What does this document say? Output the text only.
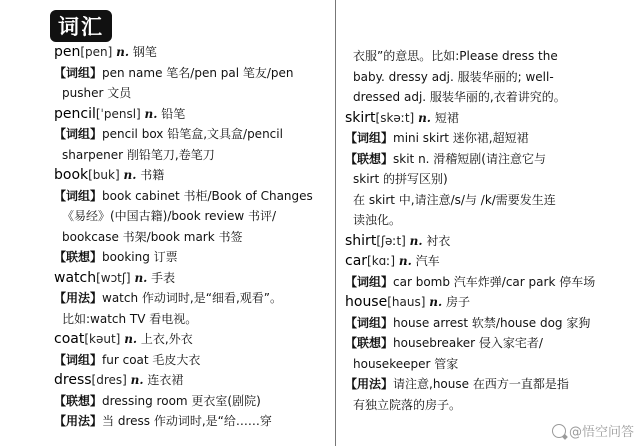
词汇
pen[pen] n. 钢笔
【词组】pen name 笔名/pen pal 笔友/pen
pusher 文员
pencil[ˈpensl] n. 铅笔
【词组】pencil box 铅笔盒,文具盒/pencil
sharpener 削铅笔刀,卷笔刀
book[buk] n. 书籍
【词组】book cabinet 书柜/Book of Changes
《易经》(中国古籍)/book review 书评/
bookcase 书架/book mark 书签
【联想】booking 订票
watch[wɔtʃ] n. 手表
【用法】watch 作动词时,是“细看,观看”。
比如:watch TV 看电视。
coat[kəut] n. 上衣,外衣
【词组】fur coat 毛皮大衣
dress[dres] n. 连衣裙
【联想】dressing room 更衣室(剧院)
【用法】当 dress 作动词时,是“给……穿
衣服”的意思。比如:Please dress the
baby. dressy adj. 服装华丽的; well-
dressed adj. 服装华丽的,衣着讲究的。
skirt[skəːt] n. 短裙
【词组】mini skirt 迷你裙,超短裙
【联想】skit n. 滑稽短剧(请注意它与
skirt 的拼写区别)
在 skirt 中,请注意/s/与 /k/需要发生连
读浊化。
shirt[ʃəːt] n. 衬衣
car[kɑː] n. 汽车
【词组】car bomb 汽车炸弹/car park 停车场
house[haus] n. 房子
【词组】house arrest 软禁/house dog 家狗
【联想】housebreaker 侵入家宅者/
housekeeper 管家
【用法】请注意,house 在西方一直都是指
有独立院落的房子。
@悟空问答
